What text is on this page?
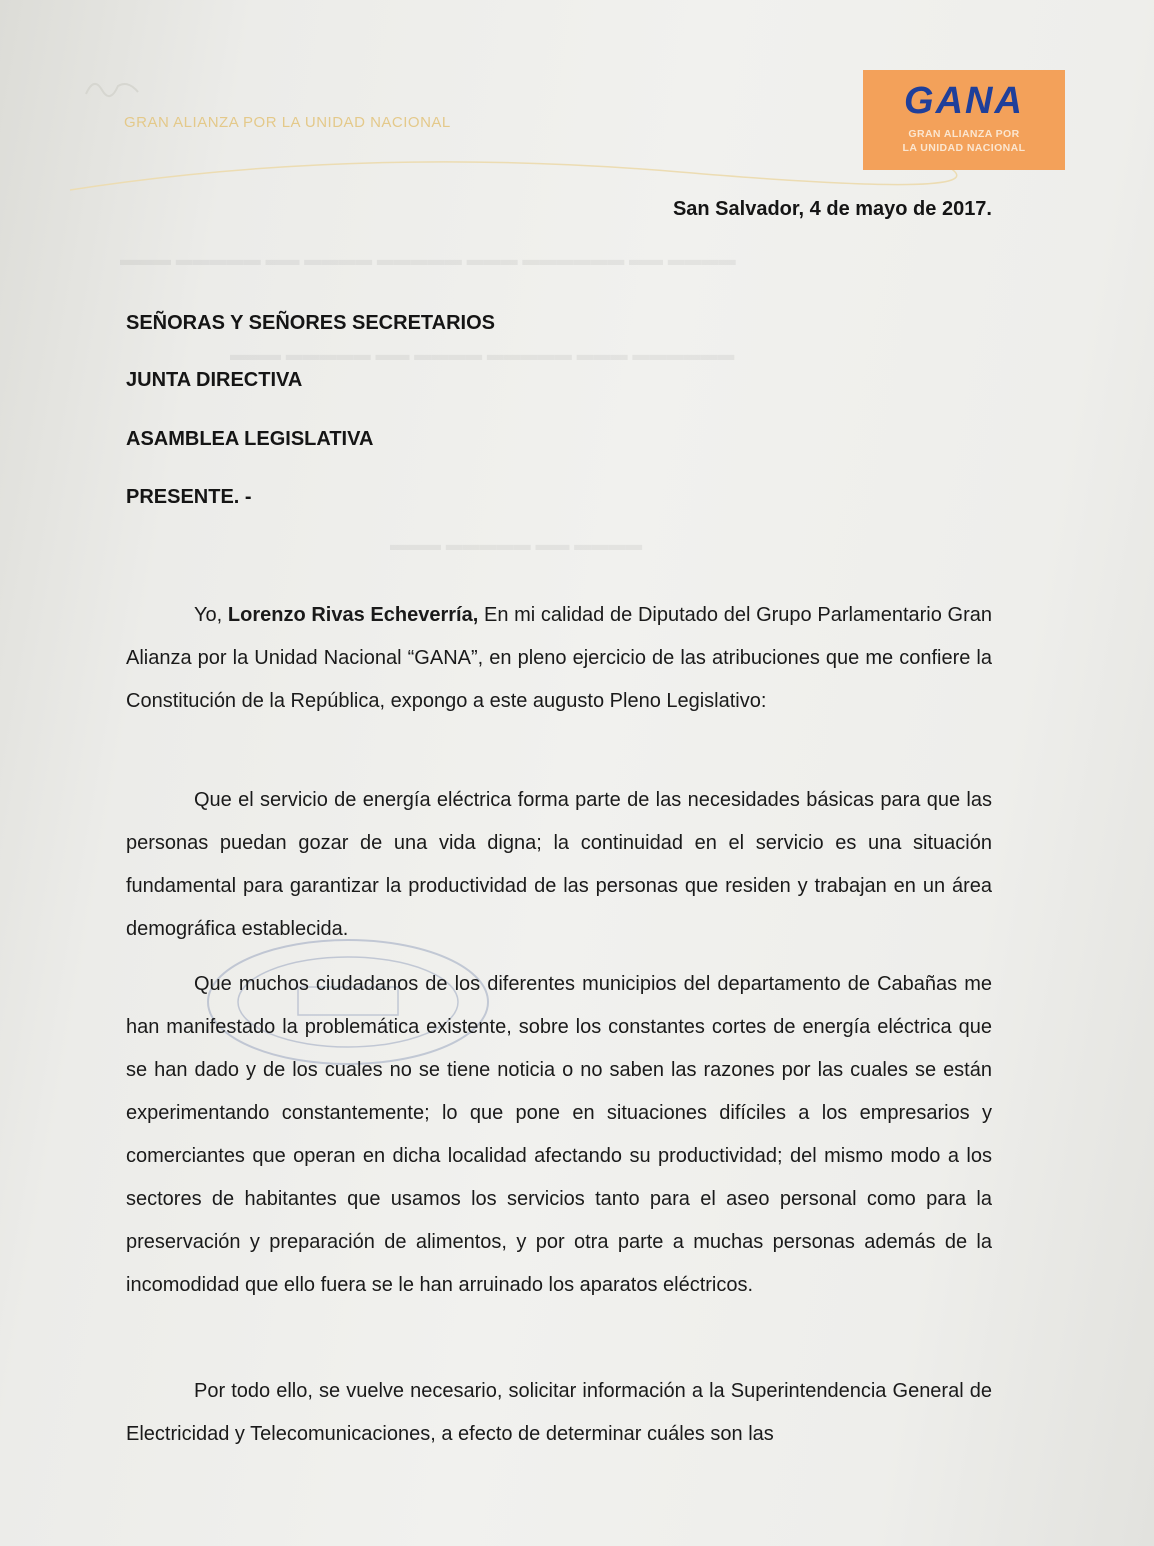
GRAN ALIANZA POR LA UNIDAD NACIONAL
GANA
GRAN ALIANZA POR
LA UNIDAD NACIONAL
▬▬▬ ▬▬▬▬▬ ▬▬ ▬▬▬▬ ▬▬▬▬▬ ▬▬▬ ▬▬▬▬▬▬ ▬▬ ▬▬▬▬
▬▬▬ ▬▬▬▬▬ ▬▬ ▬▬▬▬ ▬▬▬▬▬ ▬▬▬ ▬▬▬▬▬▬
▬▬▬ ▬▬▬▬▬ ▬▬ ▬▬▬▬
San Salvador, 4 de mayo de 2017.

SEÑORAS Y SEÑORES SECRETARIOS

JUNTA DIRECTIVA

ASAMBLEA LEGISLATIVA

PRESENTE. -

Yo, Lorenzo Rivas Echeverría, En mi calidad de Diputado del Grupo Parlamentario Gran Alianza por la Unidad Nacional “GANA”, en pleno ejercicio de las atribuciones que me confiere la Constitución de la República, expongo a este augusto Pleno Legislativo:

Que el servicio de energía eléctrica forma parte de las necesidades básicas para que las personas puedan gozar de una vida digna; la continuidad en el servicio es una situación fundamental para garantizar la productividad de las personas que residen y trabajan en un área demográfica establecida.

Que muchos ciudadanos de los diferentes municipios del departamento de Cabañas me han manifestado la problemática existente, sobre los constantes cortes de energía eléctrica que se han dado y de los cuales no se tiene noticia o no saben las razones por las cuales se están experimentando constantemente; lo que pone en situaciones difíciles a los empresarios y comerciantes que operan en dicha localidad afectando su productividad; del mismo modo a los sectores de habitantes que usamos los servicios tanto para el aseo personal como para la preservación y preparación de alimentos, y por otra parte a muchas personas además de la incomodidad que ello fuera se le han arruinado los aparatos eléctricos.

Por todo ello, se vuelve necesario, solicitar información a la Superintendencia General de Electricidad y Telecomunicaciones, a efecto de determinar cuáles son las
